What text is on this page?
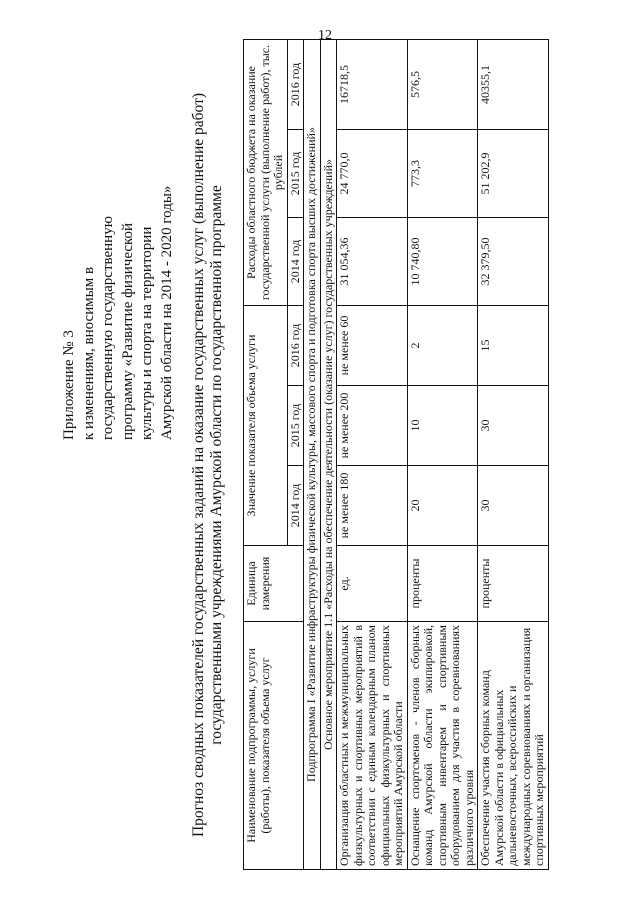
12
Приложение № 3 к изменениям, вносимым в государственную государственную программу «Развитие физической культуры и спорта на территории Амурской области на 2014 - 2020 годы» Прогноз сводных показателей государственных заданий на оказание государственных услуг (выполнение работ) государственными учреждениями Амурской области по государственной программе
Наименование подпрограммы, услуги (работы), показателя объема услуг	Единица измерения	Значение показателя объема услуги			Расходы областного бюджета на оказание государственной услуги (выполнение работ), тыс. рублей		
		2014 год	2015 год	2016 год	2014 год	2015 год	2016 год
Подпрограмма I «Развитие инфраструктуры физической культуры, массового спорта и подготовка спорта высших достижений»							
Основное мероприятие 1.1 «Расходы на обеспечение деятельности (оказание услуг) государственных учреждений»							
Организация областных и межмуниципальных физкультурных и спортивных мероприятий в соответствии с единым календарным планом официальных физкультурных и спортивных мероприятий Амурской области	ед.	не менее 180	не менее 200	не менее 60	31 054,36	24 770,0	16718,5
Оснащение спортсменов - членов сборных команд Амурской области экипировкой, спортивным инвентарем и спортивным оборудованием для участия в соревнованиях различного уровня	проценты	20	10	2	10 740,80	773,3	576,5
Обеспечение участия сборных команд Амурской области в официальных дальневосточных, всероссийских и международных соревнованиях и организация спортивных мероприятий	проценты	30	30	15	32 379,50	51 202,9	40355,1
